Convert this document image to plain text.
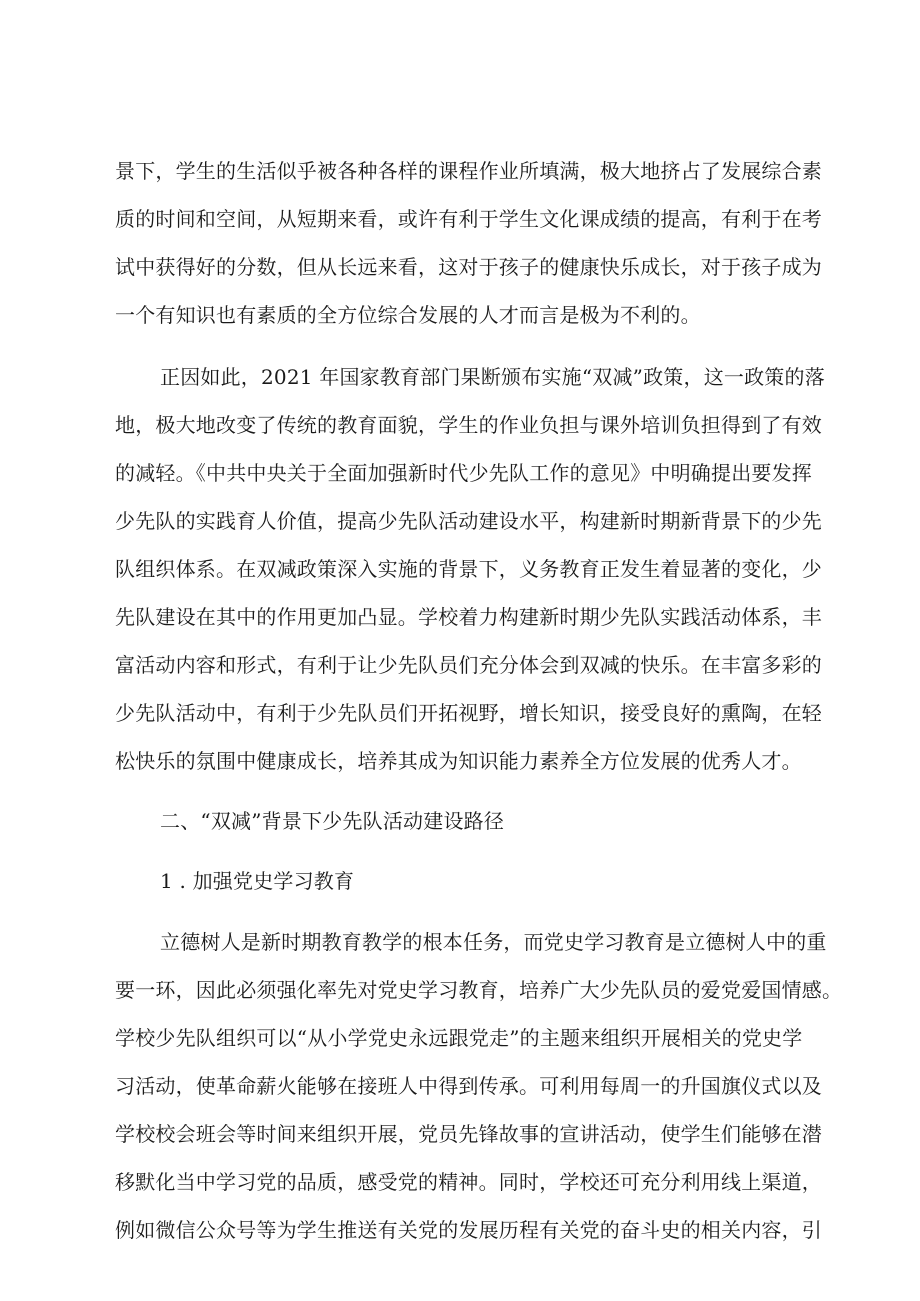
景下，学生的生活似乎被各种各样的课程作业所填满，极大地挤占了发展综合素
质的时间和空间，从短期来看，或许有利于学生文化课成绩的提高，有利于在考
试中获得好的分数，但从长远来看，这对于孩子的健康快乐成长，对于孩子成为
一个有知识也有素质的全方位综合发展的人才而言是极为不利的。
正因如此，2021 年国家教育部门果断颁布实施“双减”政策，这一政策的落
地，极大地改变了传统的教育面貌，学生的作业负担与课外培训负担得到了有效
的减轻。《中共中央关于全面加强新时代少先队工作的意见》中明确提出要发挥
少先队的实践育人价值，提高少先队活动建设水平，构建新时期新背景下的少先
队组织体系。在双减政策深入实施的背景下，义务教育正发生着显著的变化，少
先队建设在其中的作用更加凸显。学校着力构建新时期少先队实践活动体系，丰
富活动内容和形式，有利于让少先队员们充分体会到双减的快乐。在丰富多彩的
少先队活动中，有利于少先队员们开拓视野，增长知识，接受良好的熏陶，在轻
松快乐的氛围中健康成长，培养其成为知识能力素养全方位发展的优秀人才。
二、“双减”背景下少先队活动建设路径
1 . 加强党史学习教育
立德树人是新时期教育教学的根本任务，而党史学习教育是立德树人中的重
要一环，因此必须强化率先对党史学习教育，培养广大少先队员的爱党爱国情感。
学校少先队组织可以“从小学党史永远跟党走”的主题来组织开展相关的党史学
习活动，使革命薪火能够在接班人中得到传承。可利用每周一的升国旗仪式以及
学校校会班会等时间来组织开展，党员先锋故事的宣讲活动，使学生们能够在潜
移默化当中学习党的品质，感受党的精神。同时，学校还可充分利用线上渠道，
例如微信公众号等为学生推送有关党的发展历程有关党的奋斗史的相关内容，引
